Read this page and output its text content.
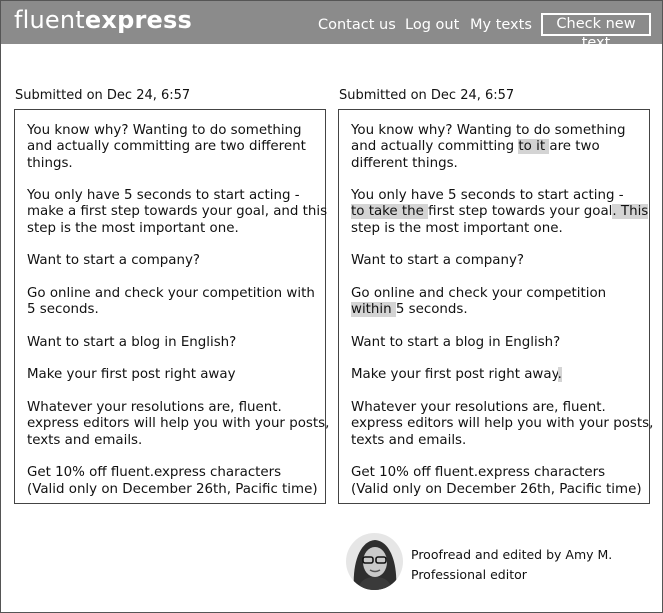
fluentexpress	Contact us Log out My texts	Check new text
Submitted on Dec 24, 6:57	Submitted on Dec 24, 6:57

You know why? Wanting to do something
and actually committing are two different
things.

You only have 5 seconds to start acting -
make a first step towards your goal, and this
step is the most important one.

Want to start a company?

Go online and check your competition with
5 seconds.

Want to start a blog in English?

Make your first post right away

Whatever your resolutions are, fluent.
express editors will help you with your posts,
texts and emails.

Get 10% off fluent.express characters
(Valid only on December 26th, Pacific time)

You know why? Wanting to do something
and actually committing to it are two
different things.

You only have 5 seconds to start acting -
to take the first step towards your goal. This
step is the most important one.

Want to start a company?

Go online and check your competition
within 5 seconds.

Want to start a blog in English?

Make your first post right away.

Whatever your resolutions are, fluent.
express editors will help you with your posts,
texts and emails.

Get 10% off fluent.express characters
(Valid only on December 26th, Pacific time)

Proofread and edited by Amy M.
Professional editor
